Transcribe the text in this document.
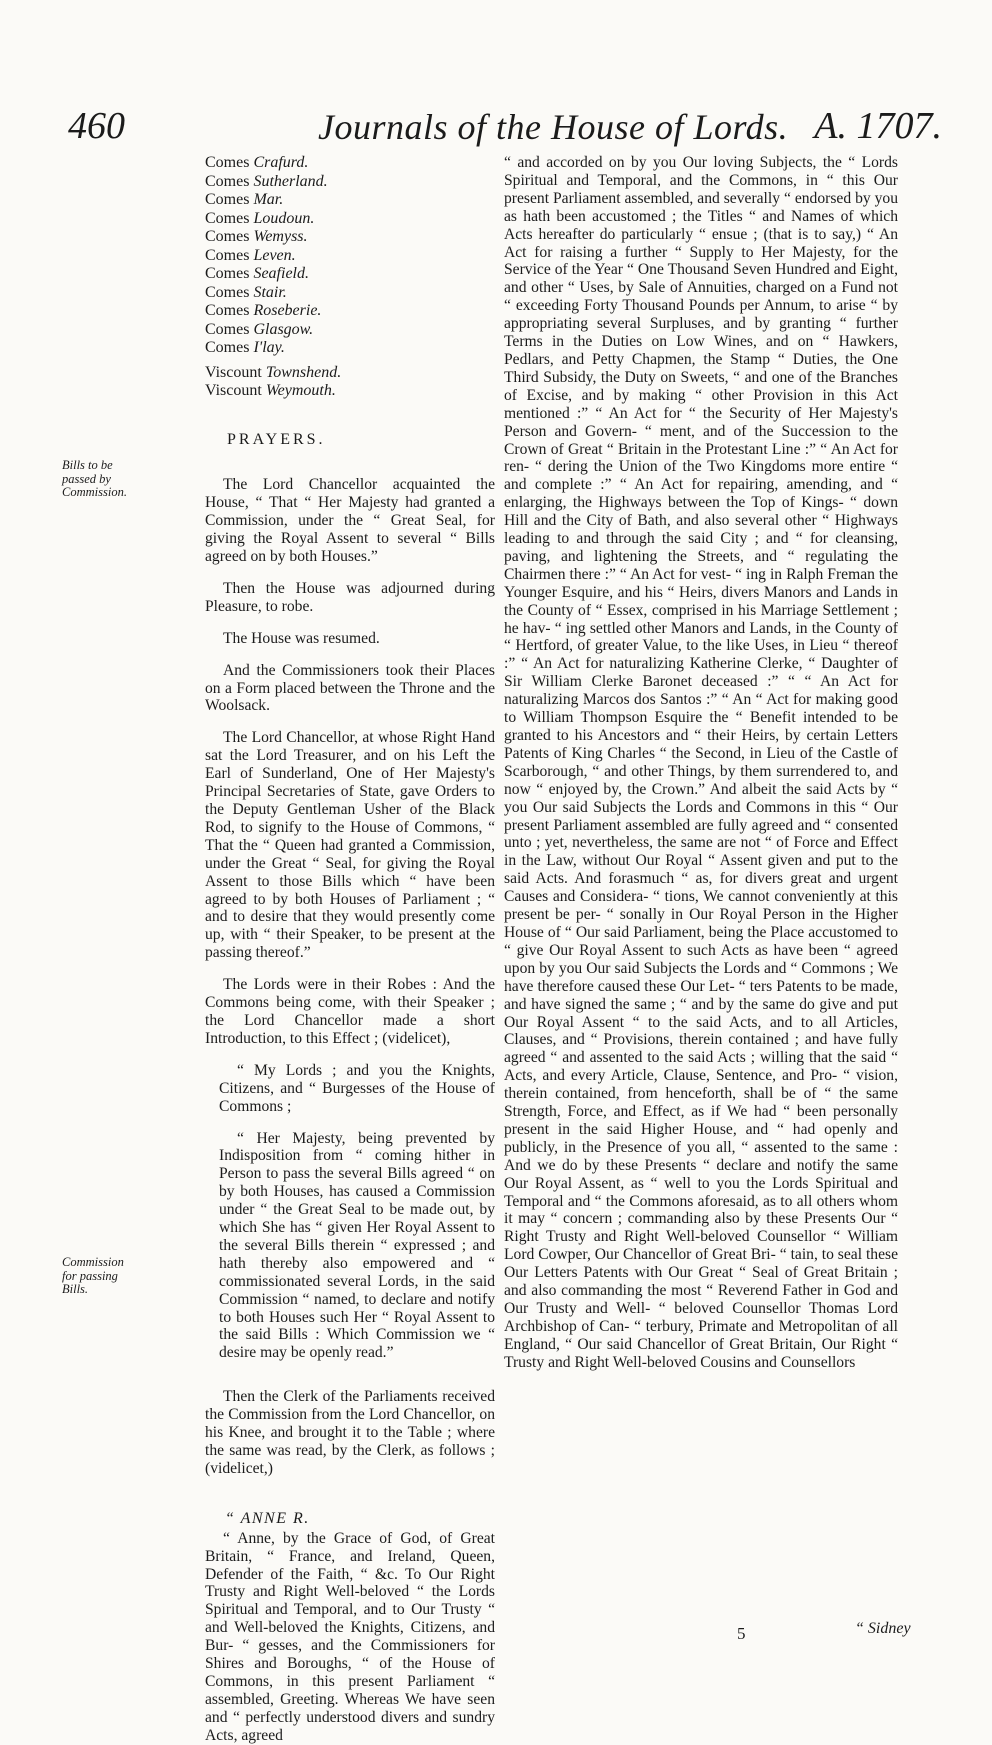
460	Journals of the House of Lords. A. 1707.
Bills to be passed by Commission.
Commission for passing Bills.
Comes Crafurd.
Comes Sutherland.
Comes Mar.
Comes Loudoun.
Comes Wemyss.
Comes Leven.
Comes Seafield.
Comes Stair.
Comes Roseberie.
Comes Glasgow.
Comes I'lay.
Viscount Townshend.
Viscount Weymouth.

PRAYERS.

The Lord Chancellor acquainted the House, “ That “ Her Majesty had granted a Commission, under the “ Great Seal, for giving the Royal Assent to several “ Bills agreed on by both Houses.”

Then the House was adjourned during Pleasure, to robe.

The House was resumed.

And the Commissioners took their Places on a Form placed between the Throne and the Woolsack.

The Lord Chancellor, at whose Right Hand sat the Lord Treasurer, and on his Left the Earl of Sunderland, One of Her Majesty's Principal Secretaries of State, gave Orders to the Deputy Gentleman Usher of the Black Rod, to signify to the House of Commons, “ That the “ Queen had granted a Commission, under the Great “ Seal, for giving the Royal Assent to those Bills which “ have been agreed to by both Houses of Parliament ; “ and to desire that they would presently come up, with “ their Speaker, to be present at the passing thereof.”

The Lords were in their Robes : And the Commons being come, with their Speaker ; the Lord Chancellor made a short Introduction, to this Effect ; (videlicet),

“ My Lords ; and you the Knights, Citizens, and “ Burgesses of the House of Commons ;

“ Her Majesty, being prevented by Indisposition from “ coming hither in Person to pass the several Bills agreed “ on by both Houses, has caused a Commission under “ the Great Seal to be made out, by which She has “ given Her Royal Assent to the several Bills therein “ expressed ; and hath thereby also empowered and “ commissionated several Lords, in the said Commission “ named, to declare and notify to both Houses such Her “ Royal Assent to the said Bills : Which Commission we “ desire may be openly read.”

Then the Clerk of the Parliaments received the Commission from the Lord Chancellor, on his Knee, and brought it to the Table ; where the same was read, by the Clerk, as follows ; (videlicet,)

“ ANNE R.

“ Anne, by the Grace of God, of Great Britain, “ France, and Ireland, Queen, Defender of the Faith, “ &c. To Our Right Trusty and Right Well-beloved “ the Lords Spiritual and Temporal, and to Our Trusty “ and Well-beloved the Knights, Citizens, and Bur- “ gesses, and the Commissioners for Shires and Boroughs, “ of the House of Commons, in this present Parliament “ assembled, Greeting. Whereas We have seen and “ perfectly understood divers and sundry Acts, agreed

“ and accorded on by you Our loving Subjects, the “ Lords Spiritual and Temporal, and the Commons, in “ this Our present Parliament assembled, and severally “ endorsed by you as hath been accustomed ; the Titles “ and Names of which Acts hereafter do particularly “ ensue ; (that is to say,) “ An Act for raising a further “ Supply to Her Majesty, for the Service of the Year “ One Thousand Seven Hundred and Eight, and other “ Uses, by Sale of Annuities, charged on a Fund not “ exceeding Forty Thousand Pounds per Annum, to arise “ by appropriating several Surpluses, and by granting “ further Terms in the Duties on Low Wines, and on “ Hawkers, Pedlars, and Petty Chapmen, the Stamp “ Duties, the One Third Subsidy, the Duty on Sweets, “ and one of the Branches of Excise, and by making “ other Provision in this Act mentioned :” “ An Act for “ the Security of Her Majesty's Person and Govern- “ ment, and of the Succession to the Crown of Great “ Britain in the Protestant Line :” “ An Act for ren- “ dering the Union of the Two Kingdoms more entire “ and complete :” “ An Act for repairing, amending, and “ enlarging, the Highways between the Top of Kings- “ down Hill and the City of Bath, and also several other “ Highways leading to and through the said City ; and “ for cleansing, paving, and lightening the Streets, and “ regulating the Chairmen there :” “ An Act for vest- “ ing in Ralph Freman the Younger Esquire, and his “ Heirs, divers Manors and Lands in the County of “ Essex, comprised in his Marriage Settlement ; he hav- “ ing settled other Manors and Lands, in the County of “ Hertford, of greater Value, to the like Uses, in Lieu “ thereof :” “ An Act for naturalizing Katherine Clerke, “ Daughter of Sir William Clerke Baronet deceased :” “ “ An Act for naturalizing Marcos dos Santos :” “ An “ Act for making good to William Thompson Esquire the “ Benefit intended to be granted to his Ancestors and “ their Heirs, by certain Letters Patents of King Charles “ the Second, in Lieu of the Castle of Scarborough, “ and other Things, by them surrendered to, and now “ enjoyed by, the Crown.” And albeit the said Acts by “ you Our said Subjects the Lords and Commons in this “ Our present Parliament assembled are fully agreed and “ consented unto ; yet, nevertheless, the same are not “ of Force and Effect in the Law, without Our Royal “ Assent given and put to the said Acts. And forasmuch “ as, for divers great and urgent Causes and Considera- “ tions, We cannot conveniently at this present be per- “ sonally in Our Royal Person in the Higher House of “ Our said Parliament, being the Place accustomed to “ give Our Royal Assent to such Acts as have been “ agreed upon by you Our said Subjects the Lords and “ Commons ; We have therefore caused these Our Let- “ ters Patents to be made, and have signed the same ; “ and by the same do give and put Our Royal Assent “ to the said Acts, and to all Articles, Clauses, and “ Provisions, therein contained ; and have fully agreed “ and assented to the said Acts ; willing that the said “ Acts, and every Article, Clause, Sentence, and Pro- “ vision, therein contained, from henceforth, shall be of “ the same Strength, Force, and Effect, as if We had “ been personally present in the said Higher House, and “ had openly and publicly, in the Presence of you all, “ assented to the same : And we do by these Presents “ declare and notify the same Our Royal Assent, as “ well to you the Lords Spiritual and Temporal and “ the Commons aforesaid, as to all others whom it may “ concern ; commanding also by these Presents Our “ Right Trusty and Right Well-beloved Counsellor “ William Lord Cowper, Our Chancellor of Great Bri- “ tain, to seal these Our Letters Patents with Our Great “ Seal of Great Britain ; and also commanding the most “ Reverend Father in God and Our Trusty and Well- “ beloved Counsellor Thomas Lord Archbishop of Can- “ terbury, Primate and Metropolitan of all England, “ Our said Chancellor of Great Britain, Our Right “ Trusty and Right Well-beloved Cousins and Counsellors

5	“ Sidney
